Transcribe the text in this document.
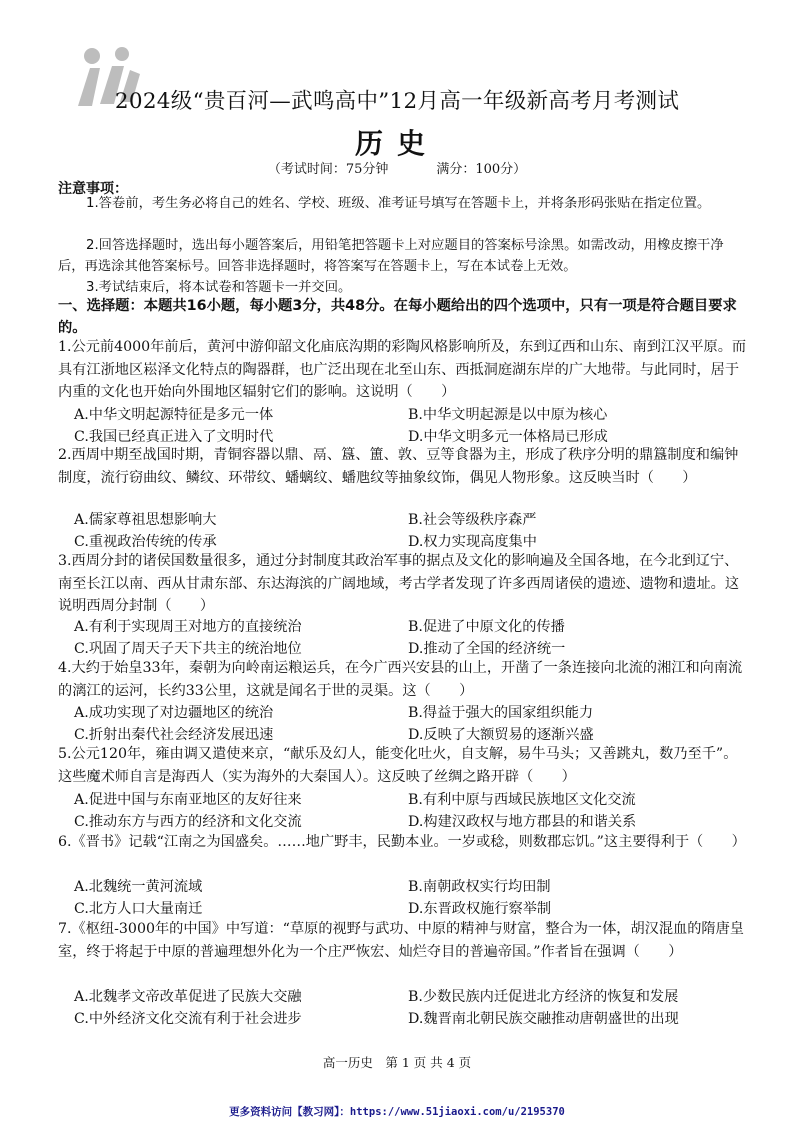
2024级“贵百河—武鸣高中”12月高一年级新高考月考测试
历史
（考试时间：75分钟	满分：100分）
注意事项：
1.答卷前，考生务必将自己的姓名、学校、班级、准考证号填写在答题卡上，并将条形码张贴在指定位置。
2.回答选择题时，选出每小题答案后，用铅笔把答题卡上对应题目的答案标号涂黑。如需改动，用橡皮擦干净后，再选涂其他答案标号。回答非选择题时，将答案写在答题卡上，写在本试卷上无效。
3.考试结束后，将本试卷和答题卡一并交回。
一、选择题：本题共16小题，每小题3分，共48分。在每小题给出的四个选项中，只有一项是符合题目要求的。
1.公元前4000年前后，黄河中游仰韶文化庙底沟期的彩陶风格影响所及，东到辽西和山东、南到江汉平原。而具有江浙地区崧泽文化特点的陶器群，也广泛出现在北至山东、西抵洞庭湖东岸的广大地带。与此同时，居于内重的文化也开始向外围地区辐射它们的影响。这说明（　　）
A.中华文明起源特征是多元一体	B.中华文明起源是以中原为核心
C.我国已经真正进入了文明时代	D.中华文明多元一体格局已形成
2.西周中期至战国时期，青铜容器以鼎、鬲、簋、簠、敦、豆等食器为主，形成了秩序分明的鼎簋制度和编钟制度，流行窃曲纹、鳞纹、环带纹、蟠螭纹、蟠虺纹等抽象纹饰，偶见人物形象。这反映当时（　　）
A.儒家尊祖思想影响大	B.社会等级秩序森严
C.重视政治传统的传承	D.权力实现高度集中
3.西周分封的诸侯国数量很多，通过分封制度其政治军事的据点及文化的影响遍及全国各地，在今北到辽宁、南至长江以南、西从甘肃东部、东达海滨的广阔地域，考古学者发现了许多西周诸侯的遗迹、遗物和遗址。这说明西周分封制（　　）
A.有利于实现周王对地方的直接统治	B.促进了中原文化的传播
C.巩固了周天子天下共主的统治地位	D.推动了全国的经济统一
4.大约于始皇33年，秦朝为向岭南运粮运兵，在今广西兴安县的山上，开凿了一条连接向北流的湘江和向南流的漓江的运河，长约33公里，这就是闻名于世的灵渠。这（　　）
A.成功实现了对边疆地区的统治	B.得益于强大的国家组织能力
C.折射出秦代社会经济发展迅速	D.反映了大额贸易的逐渐兴盛
5.公元120年，雍由调又遣使来京，“献乐及幻人，能变化吐火，自支解，易牛马头；又善跳丸，数乃至千”。这些魔术师自言是海西人（实为海外的大秦国人）。这反映了丝绸之路开辟（　　）
A.促进中国与东南亚地区的友好往来	B.有利中原与西域民族地区文化交流
C.推动东方与西方的经济和文化交流	D.构建汉政权与地方郡县的和谐关系
6.《晋书》记载“江南之为国盛矣。……地广野丰，民勤本业。一岁或稔，则数郡忘饥。”这主要得利于（　　）
A.北魏统一黄河流域	B.南朝政权实行均田制
C.北方人口大量南迁	D.东晋政权施行察举制
7.《枢纽-3000年的中国》中写道：“草原的视野与武功、中原的精神与财富，整合为一体，胡汉混血的隋唐皇室，终于将起于中原的普遍理想外化为一个庄严恢宏、灿烂夺目的普遍帝国。”作者旨在强调（　　）
A.北魏孝文帝改革促进了民族大交融	B.少数民族内迁促进北方经济的恢复和发展
C.中外经济文化交流有利于社会进步	D.魏晋南北朝民族交融推动唐朝盛世的出现
高一历史　第 1 页 共 4 页
更多资料访问【教习网】：https://www.51jiaoxi.com/u/2195370
